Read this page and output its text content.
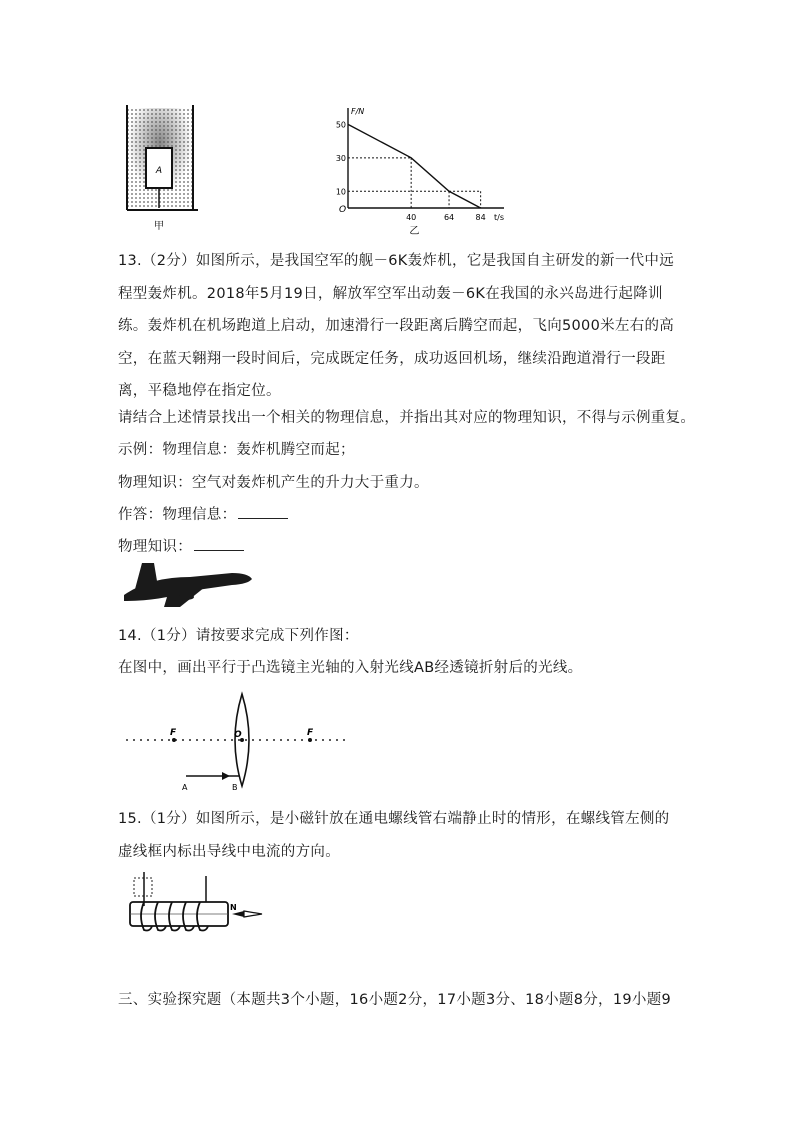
A
甲
F/N
t/s
O
50
30
10
40	64	84
乙
13.（2分）如图所示，是我国空军的舰－6K轰炸机，它是我国自主研发的新一代中远程型轰炸机。2018年5月19日，解放军空军出动轰－6K在我国的永兴岛进行起降训练。轰炸机在机场跑道上启动，加速滑行一段距离后腾空而起，飞向5000米左右的高空，在蓝天翱翔一段时间后，完成既定任务，成功返回机场，继续沿跑道滑行一段距离，平稳地停在指定位。
请结合上述情景找出一个相关的物理信息，并指出其对应的物理知识，不得与示例重复。
示例：物理信息：轰炸机腾空而起；
物理知识：空气对轰炸机产生的升力大于重力。
作答：物理信息：
物理知识：
14.（1分）请按要求完成下列作图：
在图中，画出平行于凸选镜主光轴的入射光线AB经透镜折射后的光线。
F	O	F
A	B
15.（1分）如图所示，是小磁针放在通电螺线管右端静止时的情形，在螺线管左侧的虚线框内标出导线中电流的方向。
N
三、实验探究题（本题共3个小题，16小题2分，17小题3分、18小题8分，19小题9
